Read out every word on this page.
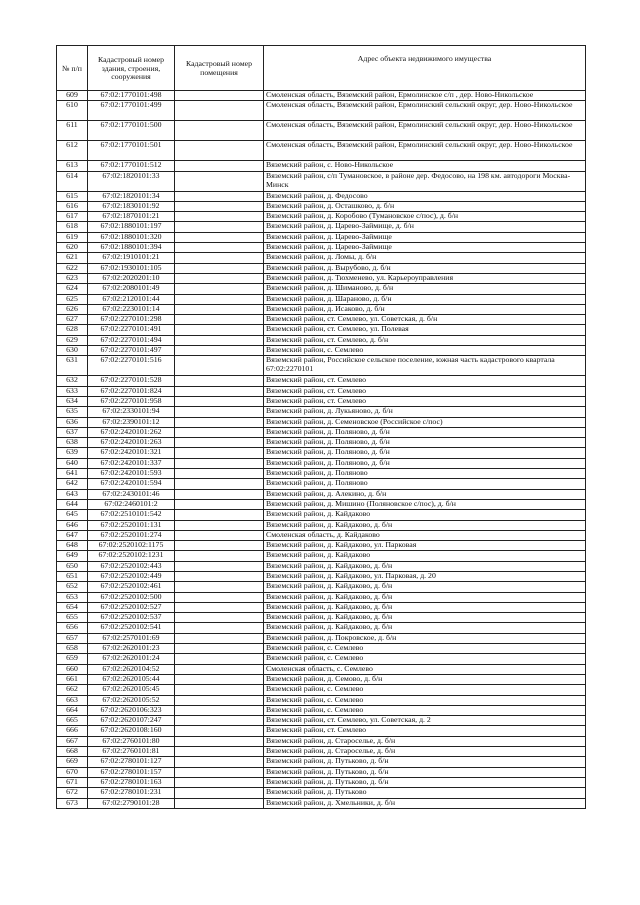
№ п/п	Кадастровый номер здания, строения, сооружения	Кадастровый номер помещения	Адрес объекта недвижимого имущества
609	67:02:1770101:498		Смоленская область, Вяземский район, Ермолинское с/п , дер. Ново-Никольское
610	67:02:1770101:499		Смоленская область, Вяземский район, Ермолинский сельский округ, дер. Ново-Никольское
611	67:02:1770101:500		Смоленская область, Вяземский район, Ермолинский сельский округ, дер. Ново-Никольское
612	67:02:1770101:501		Смоленская область, Вяземский район, Ермолинский сельский округ, дер. Ново-Никольское
613	67:02:1770101:512		Вяземский район, с. Ново-Никольское
614	67:02:1820101:33		Вяземский район, с/п Тумановское, в районе дер. Федосово, на 198 км. автодороги Москва-Минск
615	67:02:1820101:34		Вяземский район, д. Федосово
616	67:02:1830101:92		Вяземский район, д. Осташково, д. б/н
617	67:02:1870101:21		Вяземский район, д. Коробово (Тумановское с/пос), д. б/н
618	67:02:1880101:197		Вяземский район, д. Царево-Займище, д. б/н
619	67:02:1880101:320		Вяземский район, д. Царево-Займище
620	67:02:1880101:394		Вяземский район, д. Царево-Займище
621	67:02:1910101:21		Вяземский район, д. Ломы, д. б/н
622	67:02:1930101:105		Вяземский район, д. Вырубово, д. б/н
623	67:02:2020201:10		Вяземский район, д. Тюхменево, ул. Карьероуправления
624	67:02:2080101:49		Вяземский район, д. Шиманово, д. б/н
625	67:02:2120101:44		Вяземский район, д. Шараново, д. б/н
626	67:02:2230101:14		Вяземский район, д. Исаково, д. б/н
627	67:02:2270101:298		Вяземский район, ст. Семлево, ул. Советская, д. б/н
628	67:02:2270101:491		Вяземский район, ст. Семлево, ул. Полевая
629	67:02:2270101:494		Вяземский район, ст. Семлево, д. б/н
630	67:02:2270101:497		Вяземский район, с. Семлево
631	67:02:2270101:516		Вяземский район, Российское сельское поселение, южная часть кадастрового квартала 67:02:2270101
632	67:02:2270101:528		Вяземский район, ст. Семлево
633	67:02:2270101:824		Вяземский район, ст. Семлево
634	67:02:2270101:958		Вяземский район, ст. Семлево
635	67:02:2330101:94		Вяземский район, д. Лукьяново, д. б/н
636	67:02:2390101:12		Вяземский район, д. Семеновское (Российское с/пос)
637	67:02:2420101:262		Вяземский район, д. Поляново, д. б/н
638	67:02:2420101:263		Вяземский район, д. Поляново, д. б/н
639	67:02:2420101:321		Вяземский район, д. Поляново, д. б/н
640	67:02:2420101:337		Вяземский район, д. Поляново, д. б/н
641	67:02:2420101:593		Вяземский район, д. Поляново
642	67:02:2420101:594		Вяземский район, д. Поляново
643	67:02:2430101:46		Вяземский район, д. Алекино, д. б/н
644	67:02:2460101:2		Вяземский район, д. Мишино (Поляновское с/пос), д. б/н
645	67:02:2510101:542		Вяземский район, д. Кайдаково
646	67:02:2520101:131		Вяземский район, д. Кайдаково, д. б/н
647	67:02:2520101:274		Смоленская область, д. Кайдаково
648	67:02:2520102:1175		Вяземский район, д. Кайдаково, ул. Парковая
649	67:02:2520102:1231		Вяземский район, д. Кайдаково
650	67:02:2520102:443		Вяземский район, д. Кайдаково, д. б/н
651	67:02:2520102:449		Вяземский район, д. Кайдаково, ул. Парковая, д. 20
652	67:02:2520102:461		Вяземский район, д. Кайдаково, д. б/н
653	67:02:2520102:500		Вяземский район, д. Кайдаково, д. б/н
654	67:02:2520102:527		Вяземский район, д. Кайдаково, д. б/н
655	67:02:2520102:537		Вяземский район, д. Кайдаково, д. б/н
656	67:02:2520102:541		Вяземский район, д. Кайдаково, д. б/н
657	67:02:2570101:69		Вяземский район, д. Покровское, д. б/н
658	67:02:2620101:23		Вяземский район, с. Семлево
659	67:02:2620101:24		Вяземский район, с. Семлево
660	67:02:2620104:52		Смоленская область, с. Семлево
661	67:02:2620105:44		Вяземский район, д. Семово, д. б/н
662	67:02:2620105:45		Вяземский район, с. Семлево
663	67:02:2620105:52		Вяземский район, с. Семлево
664	67:02:2620106:323		Вяземский район, с. Семлево
665	67:02:2620107:247		Вяземский район, ст. Семлево, ул. Советская, д. 2
666	67:02:2620108:160		Вяземский район, ст. Семлево
667	67:02:2760101:80		Вяземский район, д. Староселье, д. б/н
668	67:02:2760101:81		Вяземский район, д. Староселье, д. б/н
669	67:02:2780101:127		Вяземский район, д. Путьково, д. б/н
670	67:02:2780101:157		Вяземский район, д. Путьково, д. б/н
671	67:02:2780101:163		Вяземский район, д. Путьково, д. б/н
672	67:02:2780101:231		Вяземский район, д. Путьково
673	67:02:2790101:28		Вяземский район, д. Хмельники, д. б/н
